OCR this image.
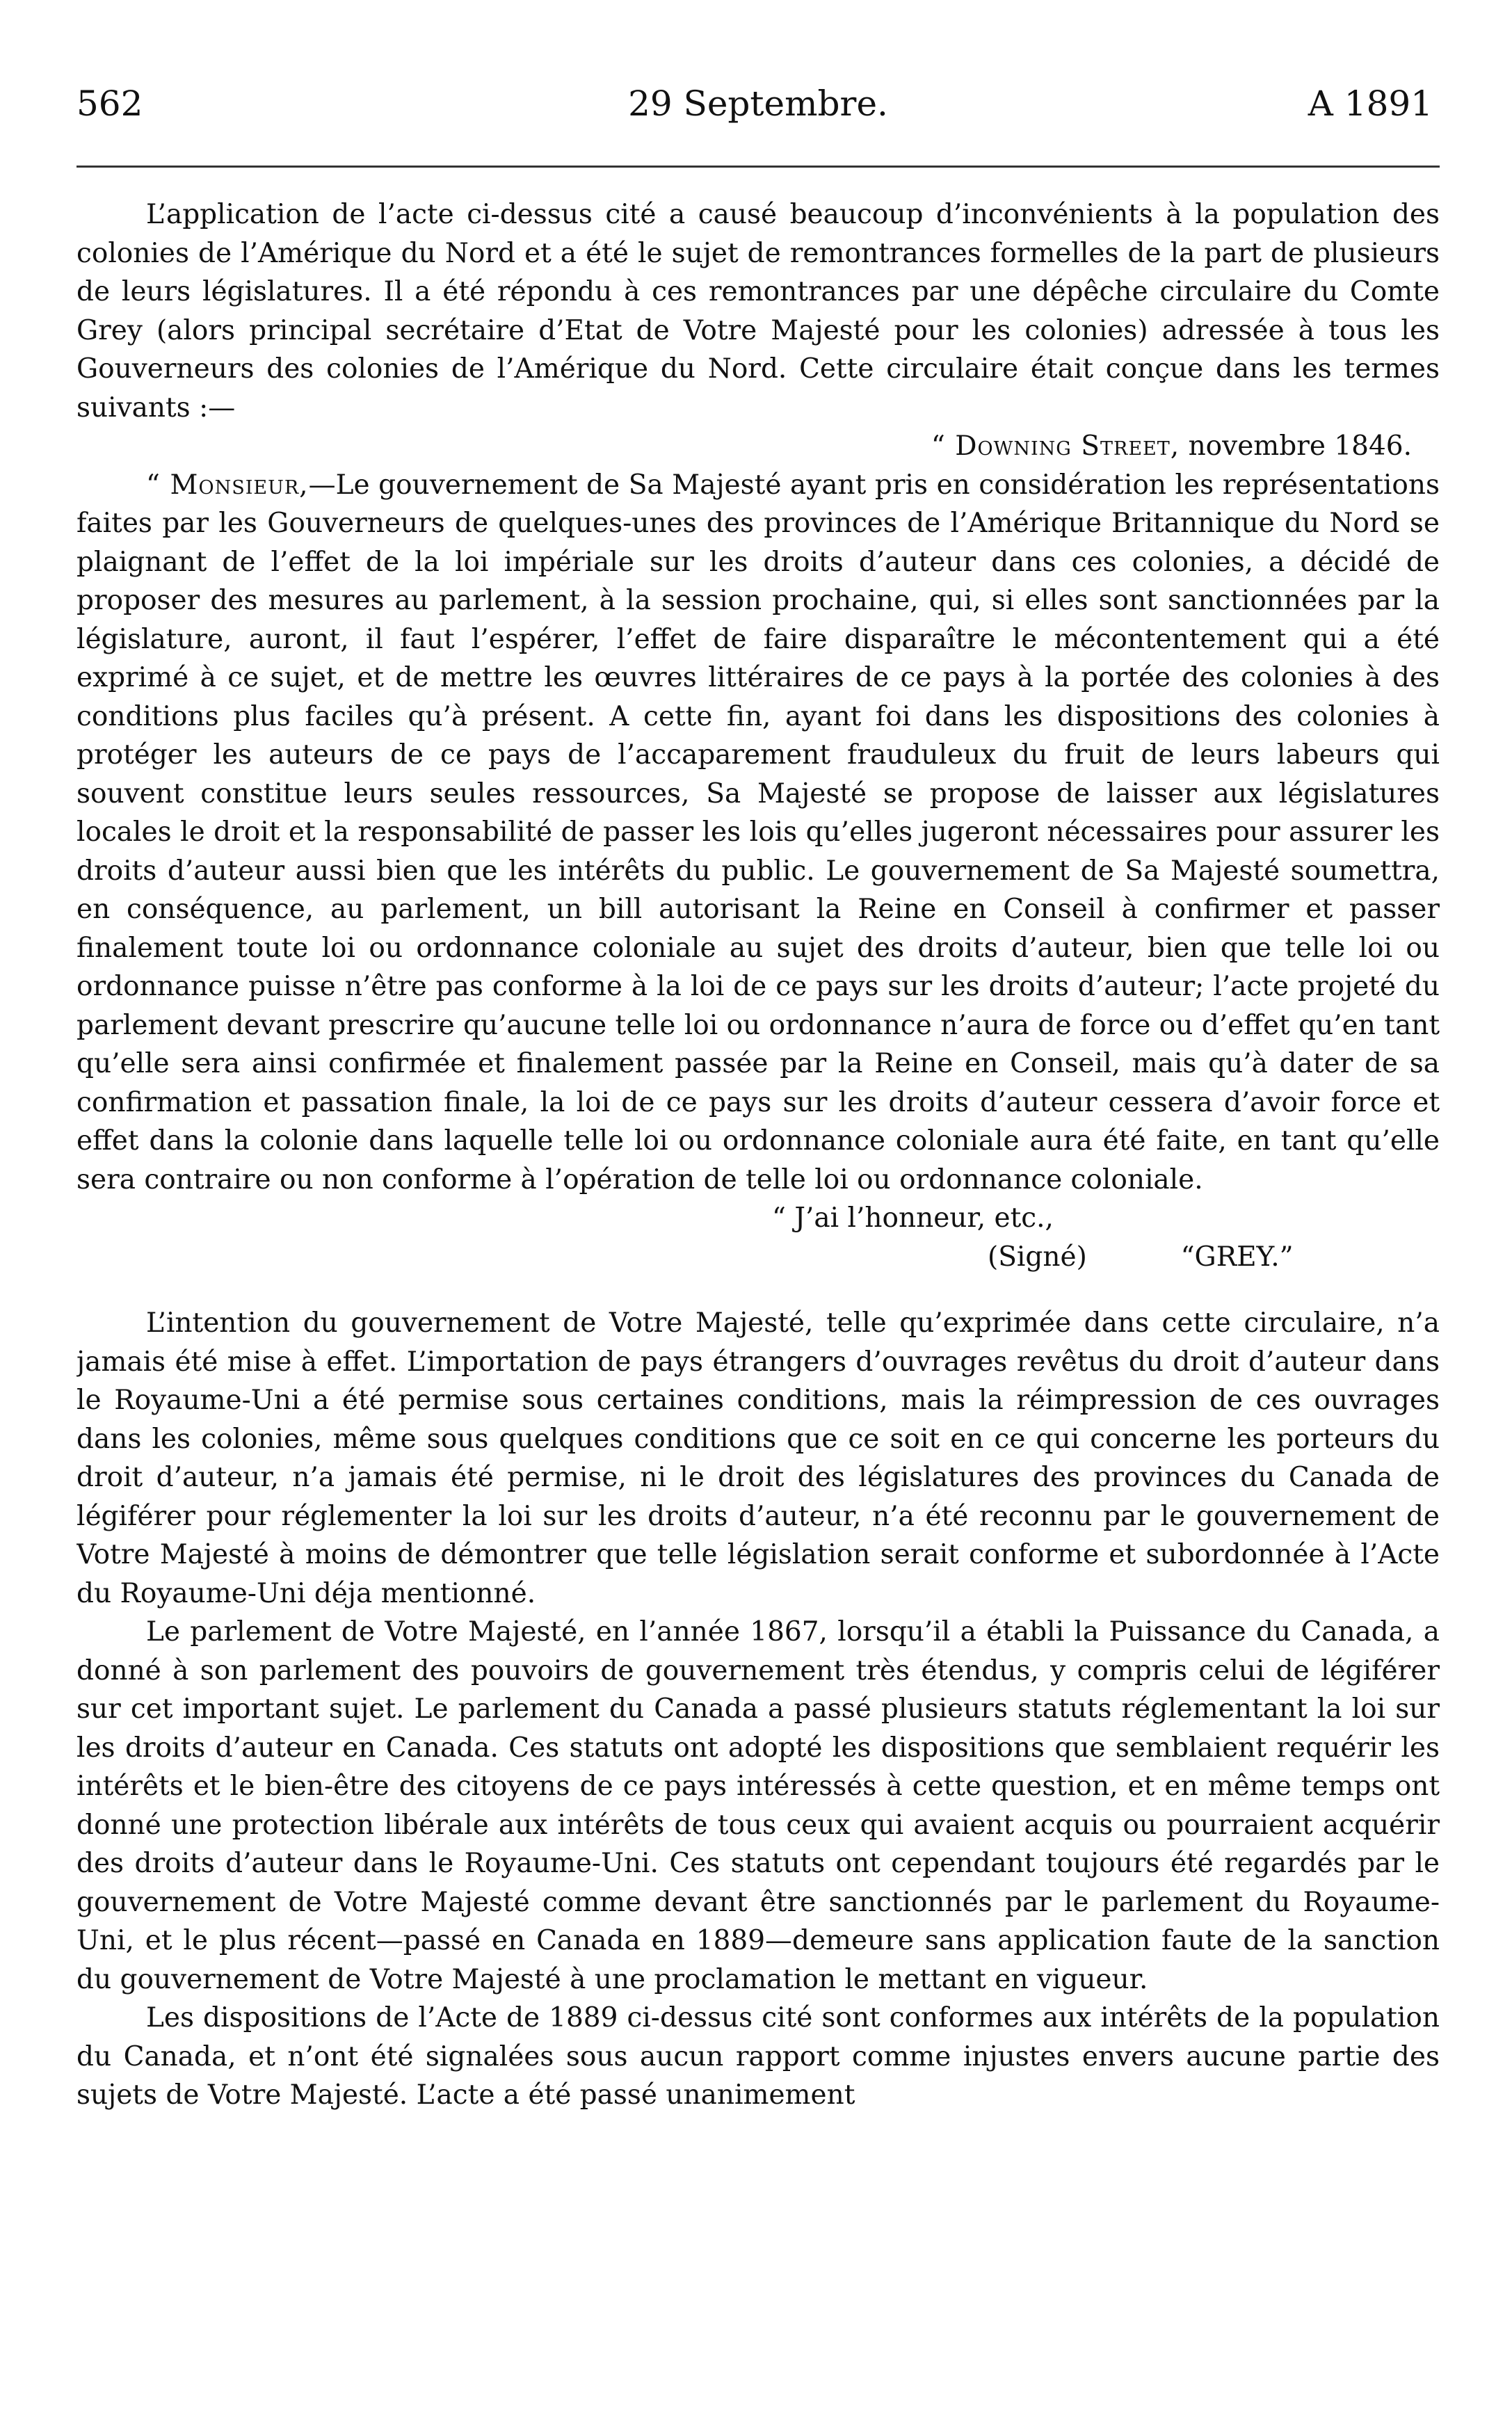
562	29 Septembre.	A 1891

L’application de l’acte ci-dessus cité a causé beaucoup d’inconvénients à la population des colonies de l’Amérique du Nord et a été le sujet de remontrances formelles de la part de plusieurs de leurs législatures. Il a été répondu à ces remontrances par une dépêche circulaire du Comte Grey (alors principal secrétaire d’Etat de Votre Majesté pour les colonies) adressée à tous les Gouverneurs des colonies de l’Amérique du Nord. Cette circulaire était conçue dans les termes suivants :—

“ Downing Street, novembre 1846.

“ Monsieur,—Le gouvernement de Sa Majesté ayant pris en considération les représentations faites par les Gouverneurs de quelques-unes des provinces de l’Amérique Britannique du Nord se plaignant de l’effet de la loi impériale sur les droits d’auteur dans ces colonies, a décidé de proposer des mesures au parlement, à la session prochaine, qui, si elles sont sanctionnées par la législature, auront, il faut l’espérer, l’effet de faire disparaître le mécontentement qui a été exprimé à ce sujet, et de mettre les œuvres littéraires de ce pays à la portée des colonies à des conditions plus faciles qu’à présent. A cette fin, ayant foi dans les dispositions des colonies à protéger les auteurs de ce pays de l’accaparement frauduleux du fruit de leurs labeurs qui souvent constitue leurs seules ressources, Sa Majesté se propose de laisser aux législatures locales le droit et la responsabilité de passer les lois qu’elles jugeront nécessaires pour assurer les droits d’auteur aussi bien que les intérêts du public. Le gouvernement de Sa Majesté soumettra, en conséquence, au parlement, un bill autorisant la Reine en Conseil à confirmer et passer finalement toute loi ou ordonnance coloniale au sujet des droits d’auteur, bien que telle loi ou ordonnance puisse n’être pas conforme à la loi de ce pays sur les droits d’auteur; l’acte projeté du parlement devant prescrire qu’aucune telle loi ou ordonnance n’aura de force ou d’effet qu’en tant qu’elle sera ainsi confirmée et finalement passée par la Reine en Conseil, mais qu’à dater de sa confirmation et passation finale, la loi de ce pays sur les droits d’auteur cessera d’avoir force et effet dans la colonie dans laquelle telle loi ou ordonnance coloniale aura été faite, en tant qu’elle sera contraire ou non conforme à l’opération de telle loi ou ordonnance coloniale.

“ J’ai l’honneur, etc.,
(Signé)	“GREY.”

L’intention du gouvernement de Votre Majesté, telle qu’exprimée dans cette circulaire, n’a jamais été mise à effet. L’importation de pays étrangers d’ouvrages revêtus du droit d’auteur dans le Royaume-Uni a été permise sous certaines conditions, mais la réimpression de ces ouvrages dans les colonies, même sous quelques conditions que ce soit en ce qui concerne les porteurs du droit d’auteur, n’a jamais été permise, ni le droit des législatures des provinces du Canada de légiférer pour réglementer la loi sur les droits d’auteur, n’a été reconnu par le gouvernement de Votre Majesté à moins de démontrer que telle législation serait conforme et subordonnée à l’Acte du Royaume-Uni déja mentionné.

Le parlement de Votre Majesté, en l’année 1867, lorsqu’il a établi la Puissance du Canada, a donné à son parlement des pouvoirs de gouvernement très étendus, y compris celui de légiférer sur cet important sujet. Le parlement du Canada a passé plusieurs statuts réglementant la loi sur les droits d’auteur en Canada. Ces statuts ont adopté les dispositions que semblaient requérir les intérêts et le bien-être des citoyens de ce pays intéressés à cette question, et en même temps ont donné une protection libérale aux intérêts de tous ceux qui avaient acquis ou pourraient acquérir des droits d’auteur dans le Royaume-Uni. Ces statuts ont cependant toujours été regardés par le gouvernement de Votre Majesté comme devant être sanctionnés par le parlement du Royaume-Uni, et le plus récent—passé en Canada en 1889—demeure sans application faute de la sanction du gouvernement de Votre Majesté à une proclamation le mettant en vigueur.

Les dispositions de l’Acte de 1889 ci-dessus cité sont conformes aux intérêts de la population du Canada, et n’ont été signalées sous aucun rapport comme injustes envers aucune partie des sujets de Votre Majesté. L’acte a été passé unanimement
